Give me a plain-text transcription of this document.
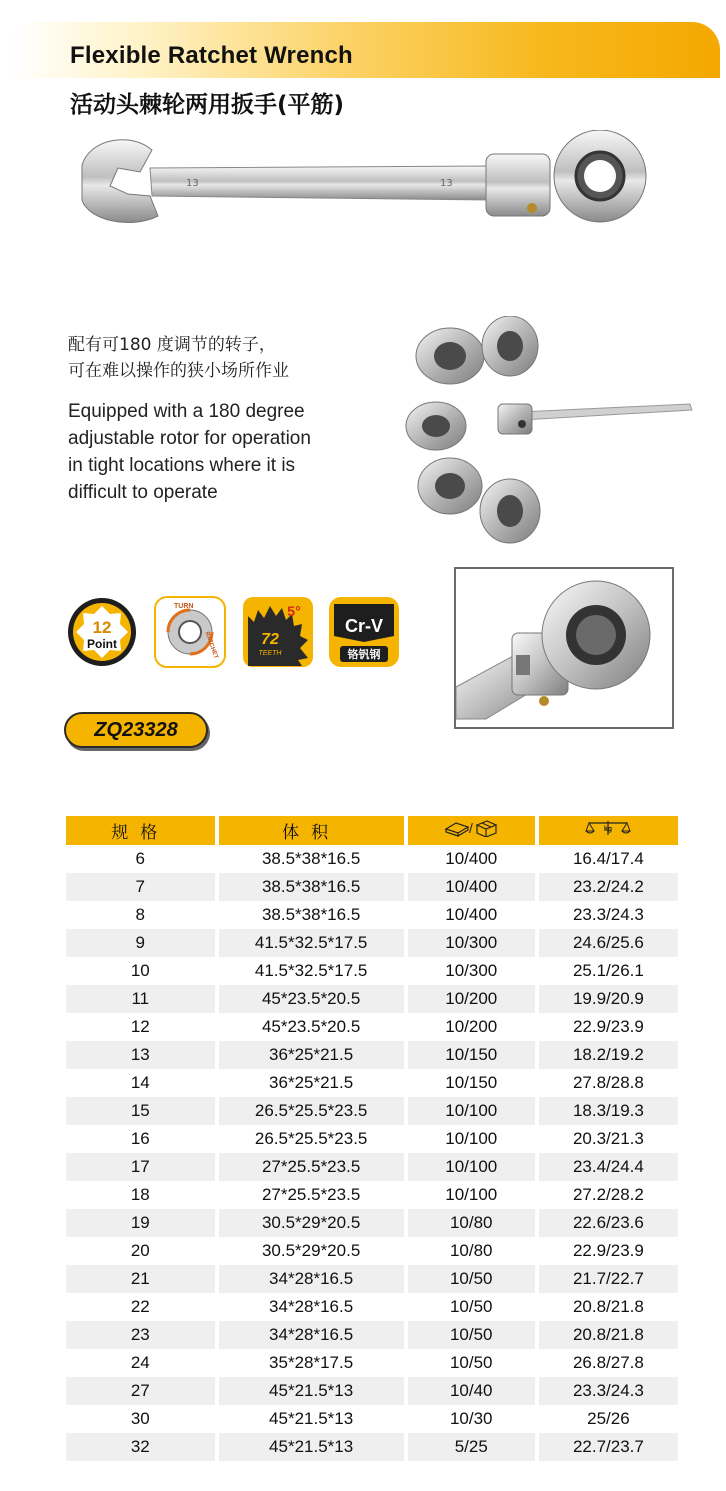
Flexible Ratchet Wrench
活动头棘轮两用扳手(平筋)
13	13
配有可180 度调节的转子，
可在难以操作的狭小场所作业
Equipped with a 180 degree
adjustable rotor for operation
in tight locations where it is
difficult to operate
12
Point
TURN
RATCHET	72
TEETH
5°
Cr-V
铬钒钢
ZQ23328
规格	体积	/	kg

6	38.5*38*16.5	10/400	16.4/17.4
7	38.5*38*16.5	10/400	23.2/24.2
8	38.5*38*16.5	10/400	23.3/24.3
9	41.5*32.5*17.5	10/300	24.6/25.6
10	41.5*32.5*17.5	10/300	25.1/26.1
11	45*23.5*20.5	10/200	19.9/20.9
12	45*23.5*20.5	10/200	22.9/23.9
13	36*25*21.5	10/150	18.2/19.2
14	36*25*21.5	10/150	27.8/28.8
15	26.5*25.5*23.5	10/100	18.3/19.3
16	26.5*25.5*23.5	10/100	20.3/21.3
17	27*25.5*23.5	10/100	23.4/24.4
18	27*25.5*23.5	10/100	27.2/28.2
19	30.5*29*20.5	10/80	22.6/23.6
20	30.5*29*20.5	10/80	22.9/23.9
21	34*28*16.5	10/50	21.7/22.7
22	34*28*16.5	10/50	20.8/21.8
23	34*28*16.5	10/50	20.8/21.8
24	35*28*17.5	10/50	26.8/27.8
27	45*21.5*13	10/40	23.3/24.3
30	45*21.5*13	10/30	25/26
32	45*21.5*13	5/25	22.7/23.7
